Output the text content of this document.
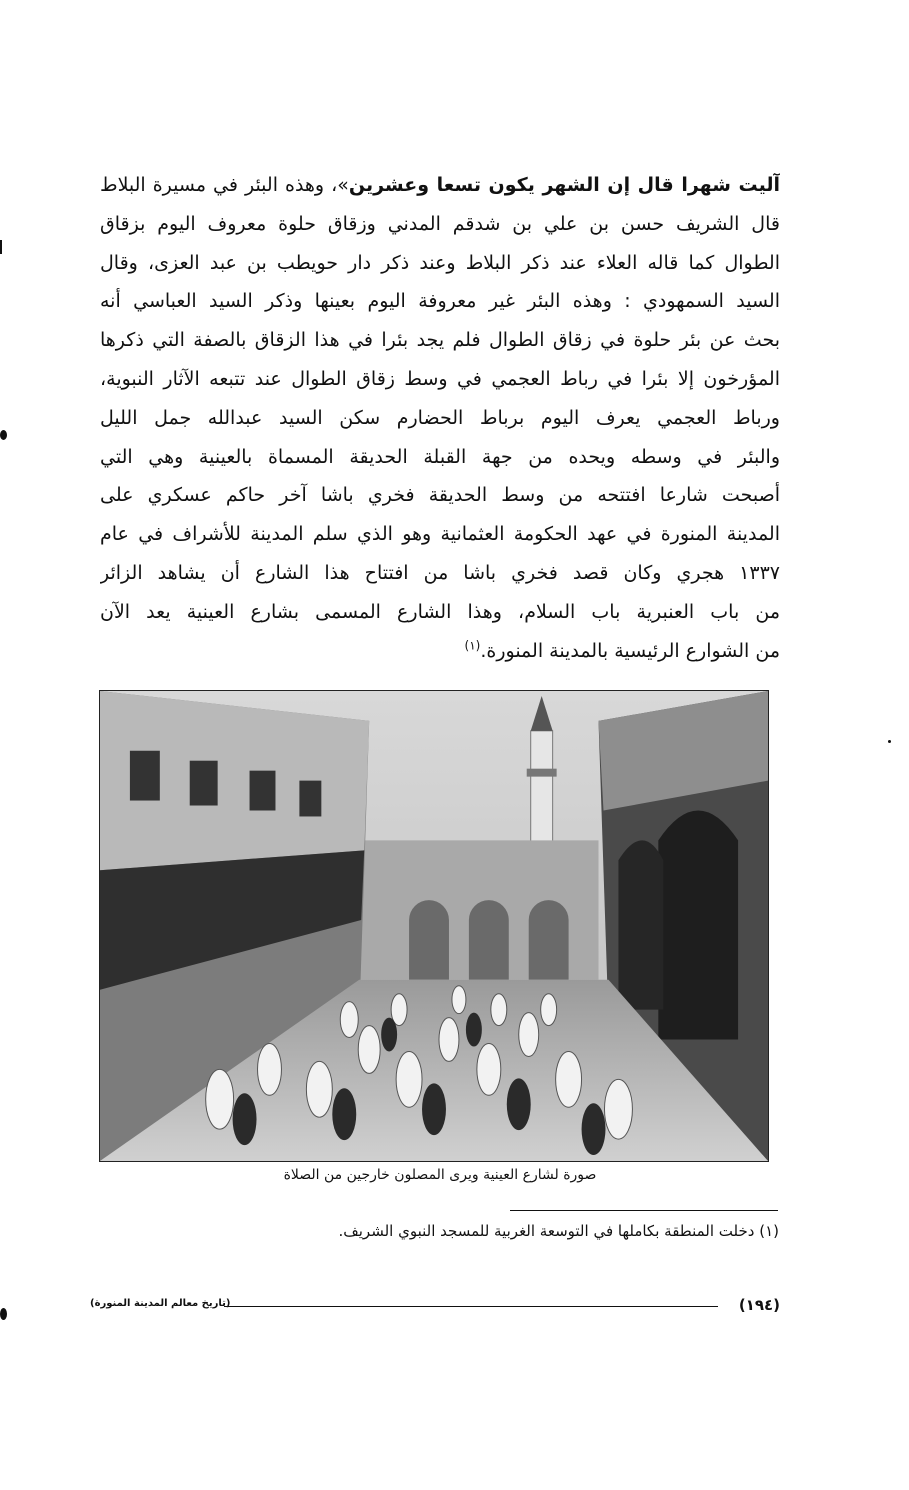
آليت شهرا قال إن الشهر يكون تسعا وعشرين»، وهذه البئر في مسيرة البلاط
قال الشريف حسن بن علي بن شدقم المدني وزقاق حلوة معروف اليوم بزقاق
الطوال كما قاله العلاء عند ذكر البلاط وعند ذكر دار حويطب بن عبد العزى، وقال
السيد السمهودي : وهذه البئر غير معروفة اليوم بعينها وذكر السيد العباسي أنه
بحث عن بئر حلوة في زقاق الطوال فلم يجد بئرا في هذا الزقاق بالصفة التي ذكرها
المؤرخون إلا بئرا في رباط العجمي في وسط زقاق الطوال عند تتبعه الآثار النبوية،
ورباط العجمي يعرف اليوم برباط الحضارم سكن السيد عبدالله جمل الليل
والبئر في وسطه ويحده من جهة القبلة الحديقة المسماة بالعينية وهي التي
أصبحت شارعا افتتحه من وسط الحديقة فخري باشا آخر حاكم عسكري على
المدينة المنورة في عهد الحكومة العثمانية وهو الذي سلم المدينة للأشراف في عام
١٣٣٧ هجري وكان قصد فخري باشا من افتتاح هذا الشارع أن يشاهد الزائر
من باب العنبرية باب السلام، وهذا الشارع المسمى بشارع العينية يعد الآن
من الشوارع الرئيسية بالمدينة المنورة.$^{(١)}$
صورة لشارع العينية ويرى المصلون خارجين من الصلاة
(١) دخلت المنطقة بكاملها في التوسعة الغربية للمسجد النبوي الشريف.
(١٩٤)
(تاريخ معالم المدينة المنورة)
